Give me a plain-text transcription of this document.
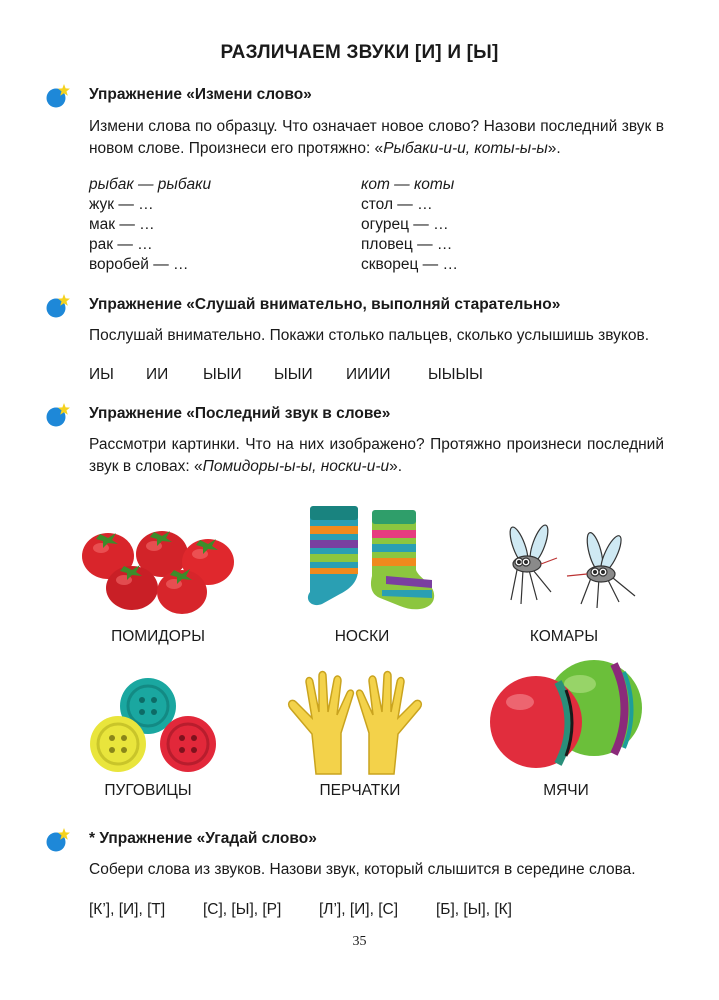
РАЗЛИЧАЕМ ЗВУКИ [И] И [Ы]
Упражнение «Измени слово»
Измени слова по образцу. Что означает новое слово? Назови последний звук в новом слове. Произнеси его протяжно: «Рыбаки-и-и, коты-ы-ы».
рыбак — рыбаки
жук — …
мак — …
рак — …
воробей — …
кот — коты
стол — …
огурец — …
пловец — …
скворец — …
Упражнение «Слушай внимательно, выполняй старательно»
Послушай внимательно. Покажи столько пальцев, сколько услышишь звуков.
ИЫ ИИ ЫЫИ ЫЫИ ИИИИ ЫЫЫЫ
Упражнение «Последний звук в слове»
Рассмотри картинки. Что на них изображено? Протяжно произнеси последний звук в словах: «Помидоры-ы-ы, носки-и-и».
ПОМИДОРЫ	НОСКИ	КОМАРЫ
ПУГОВИЦЫ	ПЕРЧАТКИ	МЯЧИ
* Упражнение «Угадай слово»
Собери слова из звуков. Назови звук, который слышится в середине слова.
[К’], [И], [Т] [С], [Ы], [Р] [Л’], [И], [С] [Б], [Ы], [К]
35
